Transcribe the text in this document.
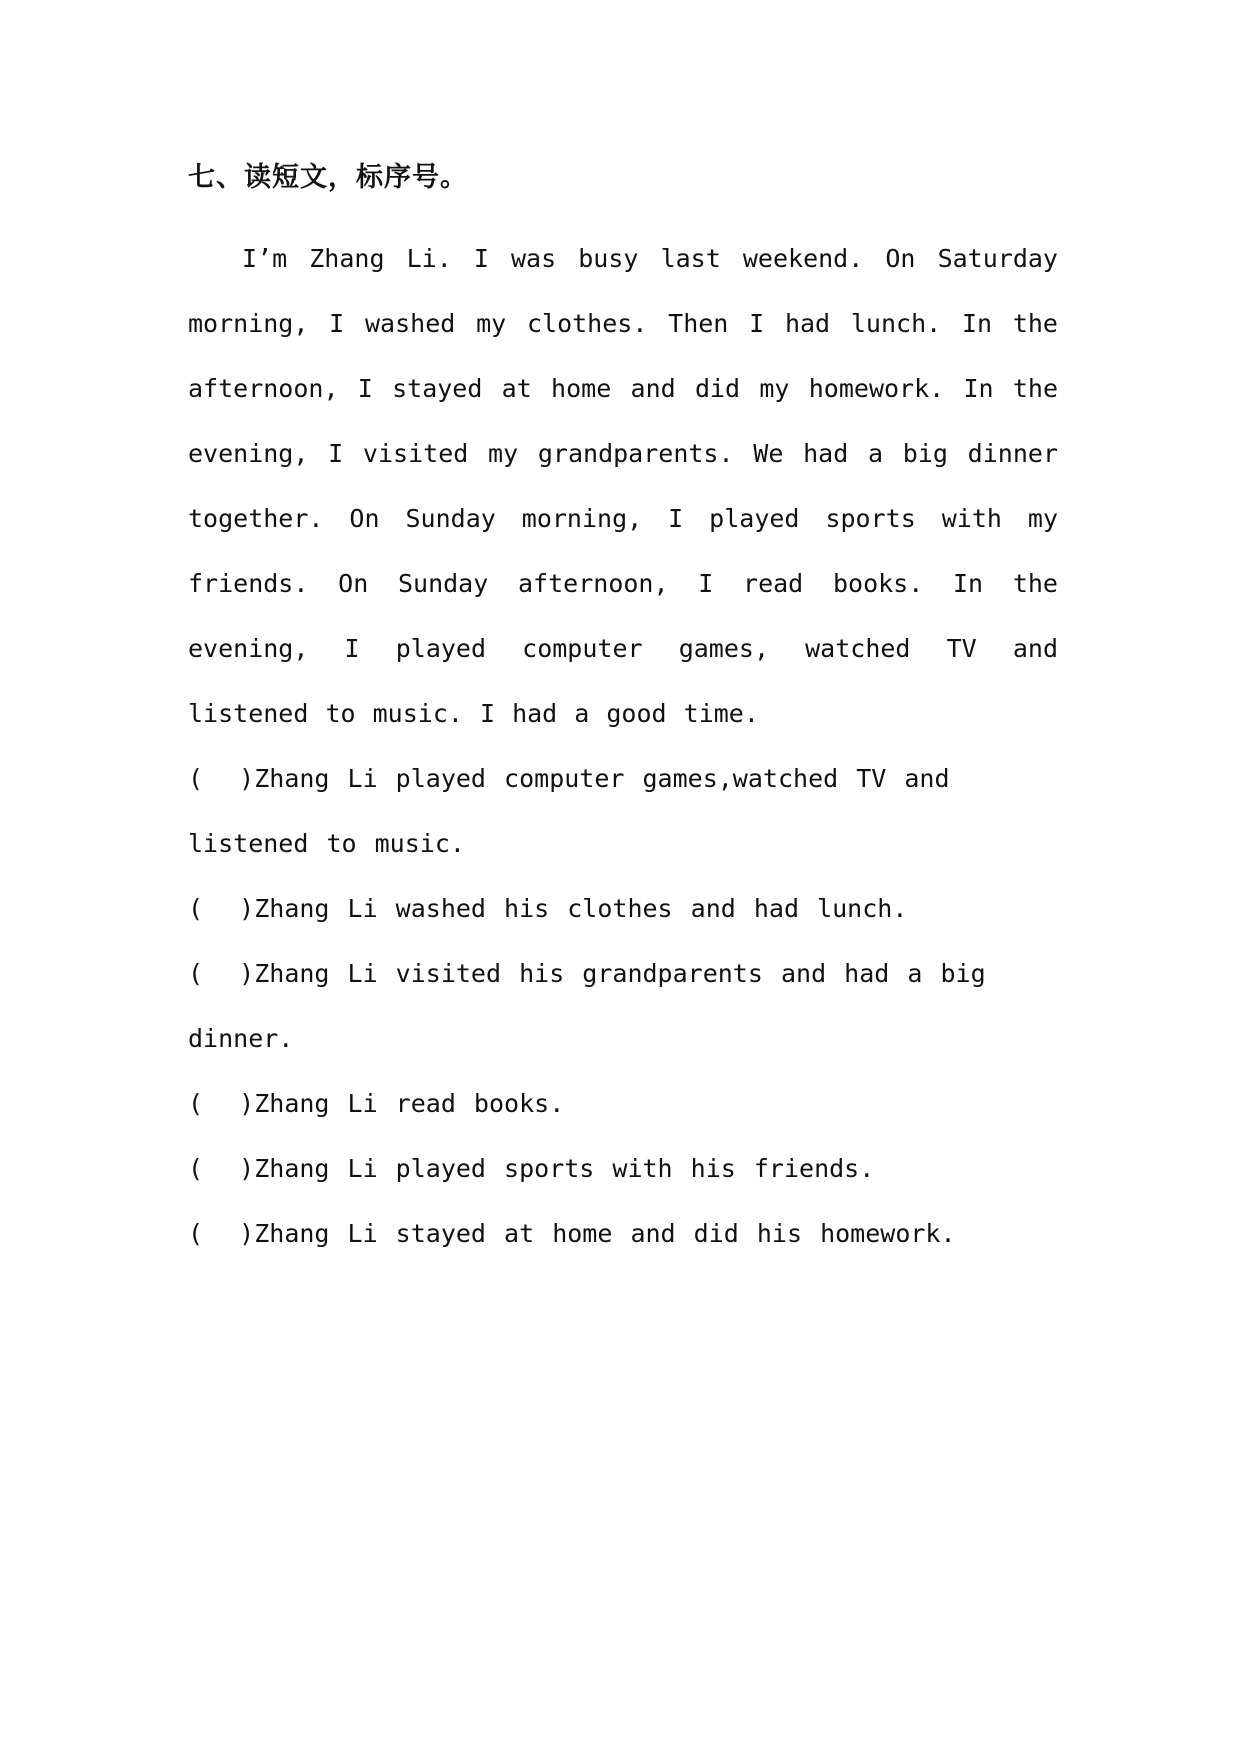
七、读短文，标序号。

I’m Zhang Li. I was busy last weekend. On Saturday morning, I washed my clothes. Then I had lunch. In the afternoon, I stayed at home and did my homework. In the evening, I visited my grandparents. We had a big dinner together. On Sunday morning, I played sports with my friends. On Sunday afternoon, I read books. In the evening, I played computer games, watched TV and listened to music. I had a good time.

(  )Zhang Li played computer games,watched TV and listened to music.
(  )Zhang Li washed his clothes and had lunch.
(  )Zhang Li visited his grandparents and had a big dinner.
(  )Zhang Li read books.
(  )Zhang Li played sports with his friends.
(  )Zhang Li stayed at home and did his homework.
